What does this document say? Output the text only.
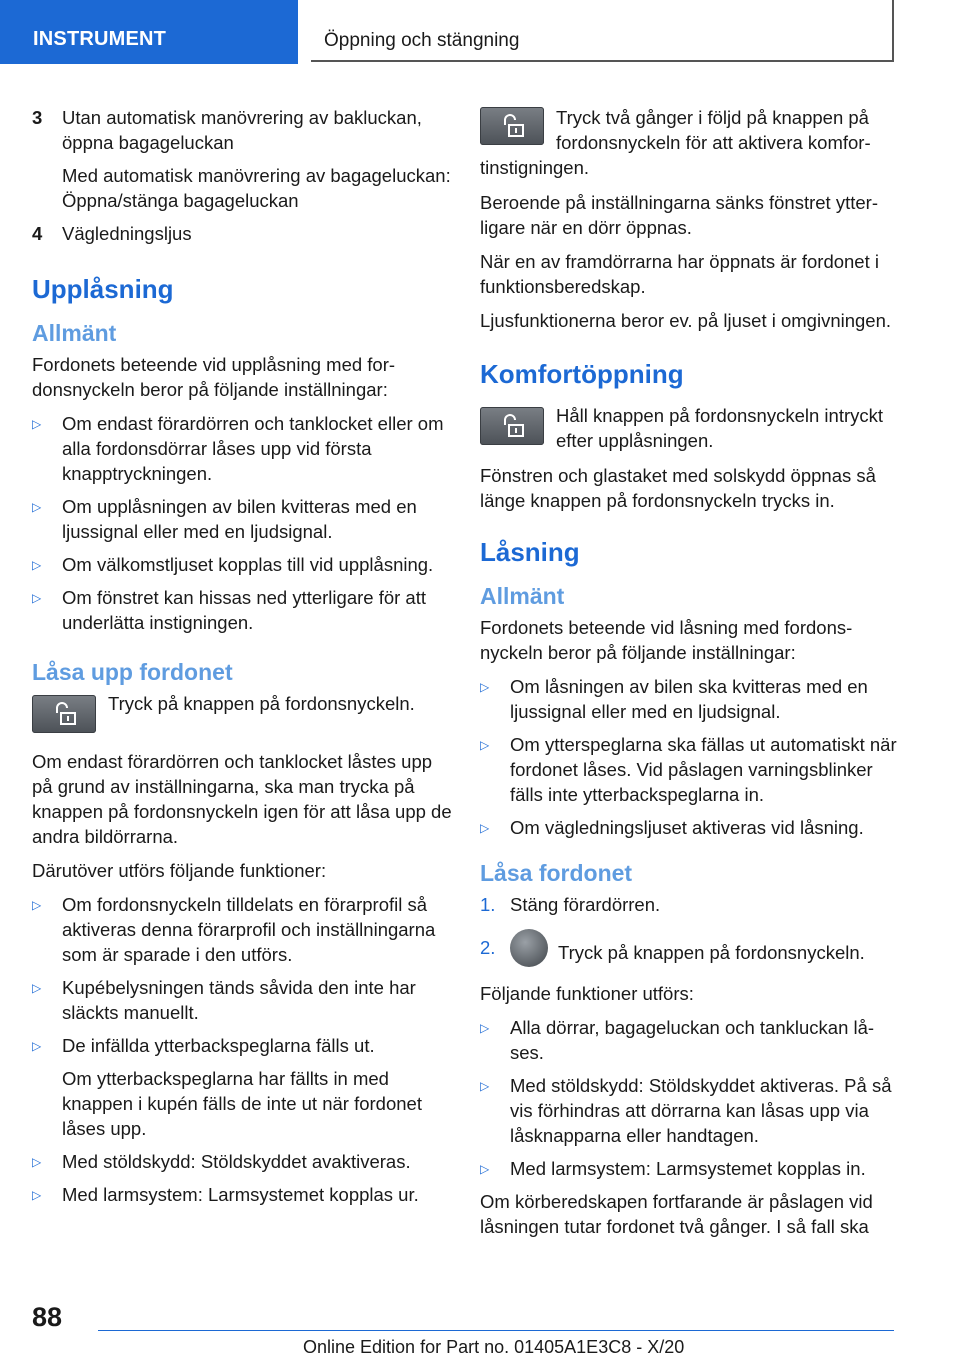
INSTRUMENT	Öppning och stängning
3	Utan automatisk manövrering av bakluckan, öppna bagageluckan
Med automatisk manövrering av bagageluckan: Öppna/stänga bagageluckan
4	Vägledningsljus
Upplåsning
Allmänt

Fordonets beteende vid upplåsning med fordonsnyckeln beror på följande inställningar:

▷	Om endast förardörren och tanklocket eller om alla fordonsdörrar låses upp vid första knapptryckningen.
▷	Om upplåsningen av bilen kvitteras med en ljussignal eller med en ljudsignal.
▷	Om välkomstljuset kopplas till vid upplåsning.
▷	Om fönstret kan hissas ned ytterligare för att underlätta instigningen.
Låsa upp fordonet
Tryck på knappen på fordonsnyckeln.

Om endast förardörren och tanklocket låstes upp på grund av inställningarna, ska man trycka på knappen på fordonsnyckeln igen för att låsa upp de andra bildörrarna.

Därutöver utförs följande funktioner:

▷	Om fordonsnyckeln tilldelats en förarprofil så aktiveras denna förarprofil och inställningarna som är sparade i den utförs.
▷	Kupébelysningen tänds såvida den inte har släckts manuellt.
▷	De infällda ytterbackspeglarna fälls ut.
Om ytterbackspeglarna har fällts in med knappen i kupén fälls de inte ut när fordonet låses upp.
▷	Med stöldskydd: Stöldskyddet avaktiveras.
▷	Med larmsystem: Larmsystemet kopplas ur.
Tryck två gånger i följd på knappen på fordonsnyckeln för att aktivera komfortinstigningen.

Beroende på inställningarna sänks fönstret ytterligare när en dörr öppnas.

När en av framdörrarna har öppnats är fordonet i funktionsberedskap.

Ljusfunktionerna beror ev. på ljuset i omgivningen.

Komfortöppning
Håll knappen på fordonsnyckeln intryckt efter upplåsningen.

Fönstren och glastaket med solskydd öppnas så länge knappen på fordonsnyckeln trycks in.

Låsning
Allmänt

Fordonets beteende vid låsning med fordonsnyckeln beror på följande inställningar:

▷	Om låsningen av bilen ska kvitteras med en ljussignal eller med en ljudsignal.
▷	Om ytterspeglarna ska fällas ut automatiskt när fordonet låses. Vid påslagen varningsblinker fälls inte ytterbackspeglarna in.
▷	Om vägledningsljuset aktiveras vid låsning.
Låsa fordonet
1. Stäng förardörren.
2.	Tryck på knappen på fordonsnyckeln.

Följande funktioner utförs:

▷	Alla dörrar, bagageluckan och tankluckan låses.
▷	Med stöldskydd: Stöldskyddet aktiveras. På så vis förhindras att dörrarna kan låsas upp via låsknapparna eller handtagen.
▷	Med larmsystem: Larmsystemet kopplas in.

Om körberedskapen fortfarande är påslagen vid låsningen tutar fordonet två gånger. I så fall ska

88
Online Edition for Part no. 01405A1E3C8 - X/20
